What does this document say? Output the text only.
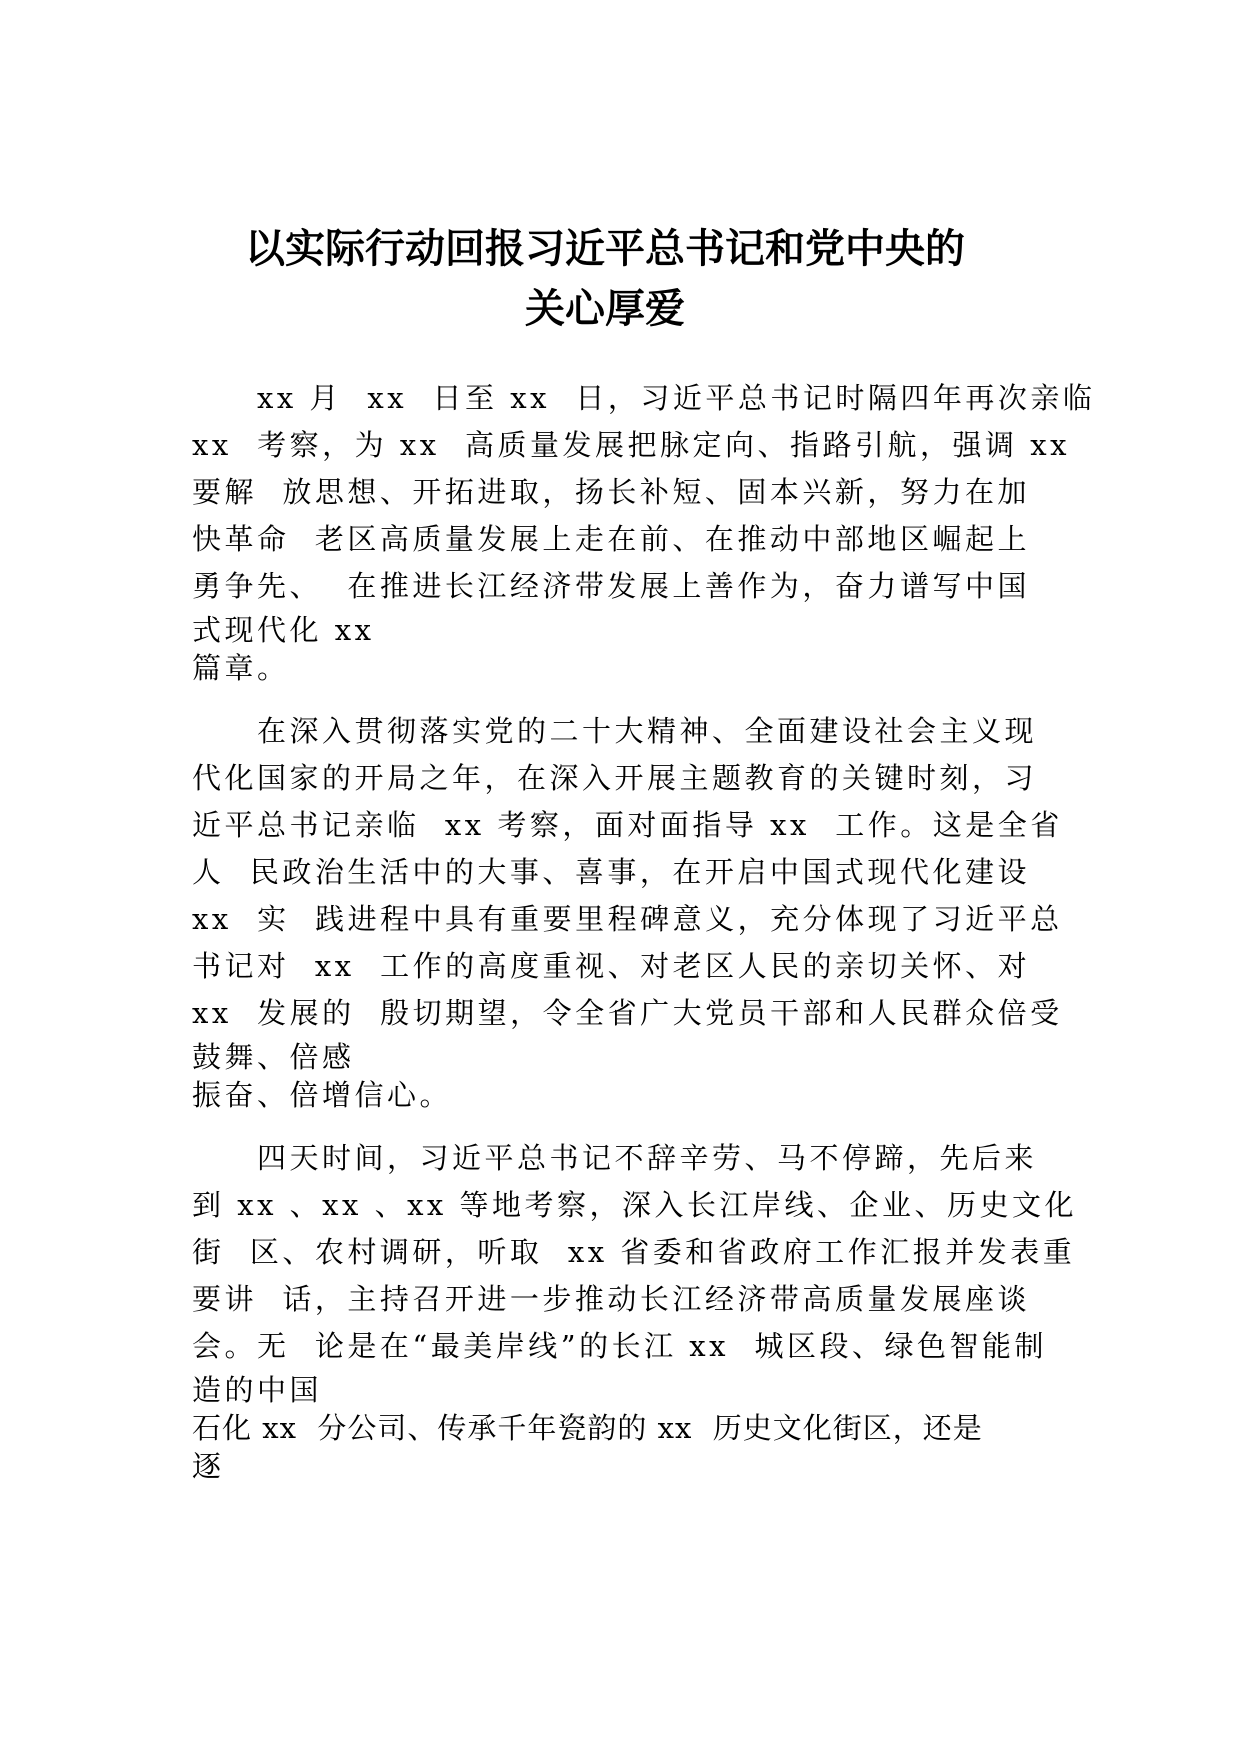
以实际行动回报习近平总书记和党中央的
关心厚爱
xx 月  xx  日至 xx  日，习近平总书记时隔四年再次亲临
xx  考察，为 xx  高质量发展把脉定向、指路引航，强调 xx
要解  放思想、开拓进取，扬长补短、固本兴新，努力在加
快革命  老区高质量发展上走在前、在推动中部地区崛起上
勇争先、  在推进长江经济带发展上善作为，奋力谱写中国
式现代化 xx
篇章。
在深入贯彻落实党的二十大精神、全面建设社会主义现
代化国家的开局之年，在深入开展主题教育的关键时刻，习
近平总书记亲临  xx 考察，面对面指导 xx  工作。这是全省
人  民政治生活中的大事、喜事，在开启中国式现代化建设
xx  实  践进程中具有重要里程碑意义，充分体现了习近平总
书记对  xx  工作的高度重视、对老区人民的亲切关怀、对
xx  发展的  殷切期望，令全省广大党员干部和人民群众倍受
鼓舞、倍感
振奋、倍增信心。
四天时间，习近平总书记不辞辛劳、马不停蹄，先后来
到 xx 、xx 、xx 等地考察，深入长江岸线、企业、历史文化
街  区、农村调研，听取  xx 省委和省政府工作汇报并发表重
要讲  话，主持召开进一步推动长江经济带高质量发展座谈
会。无  论是在“最美岸线”的长江 xx  城区段、绿色智能制
造的中国
石化 xx  分公司、传承千年瓷韵的 xx  历史文化街区，还是
逐
